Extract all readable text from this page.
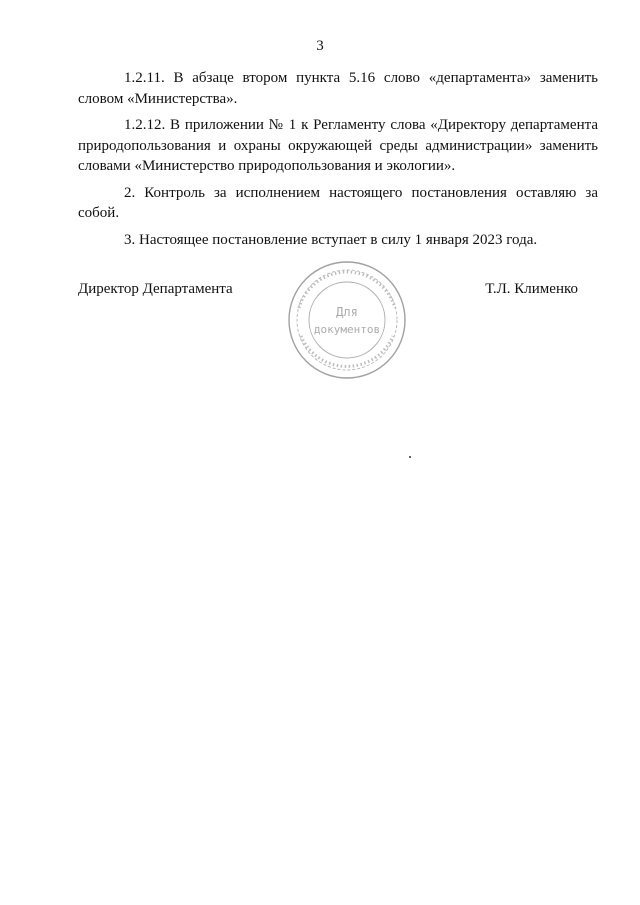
3

1.2.11. В абзаце втором пункта 5.16 слово «департамента» заменить словом «Министерства».

1.2.12. В приложении № 1 к Регламенту слова «Директору департамента природопользования и охраны окружающей среды администрации» заменить словами «Министерство природопользования и экологии».

2. Контроль за исполнением настоящего постановления оставляю за собой.

3. Настоящее постановление вступает в силу 1 января 2023 года.

Директор Департамента	Т.Л. Клименко
Для
документов
